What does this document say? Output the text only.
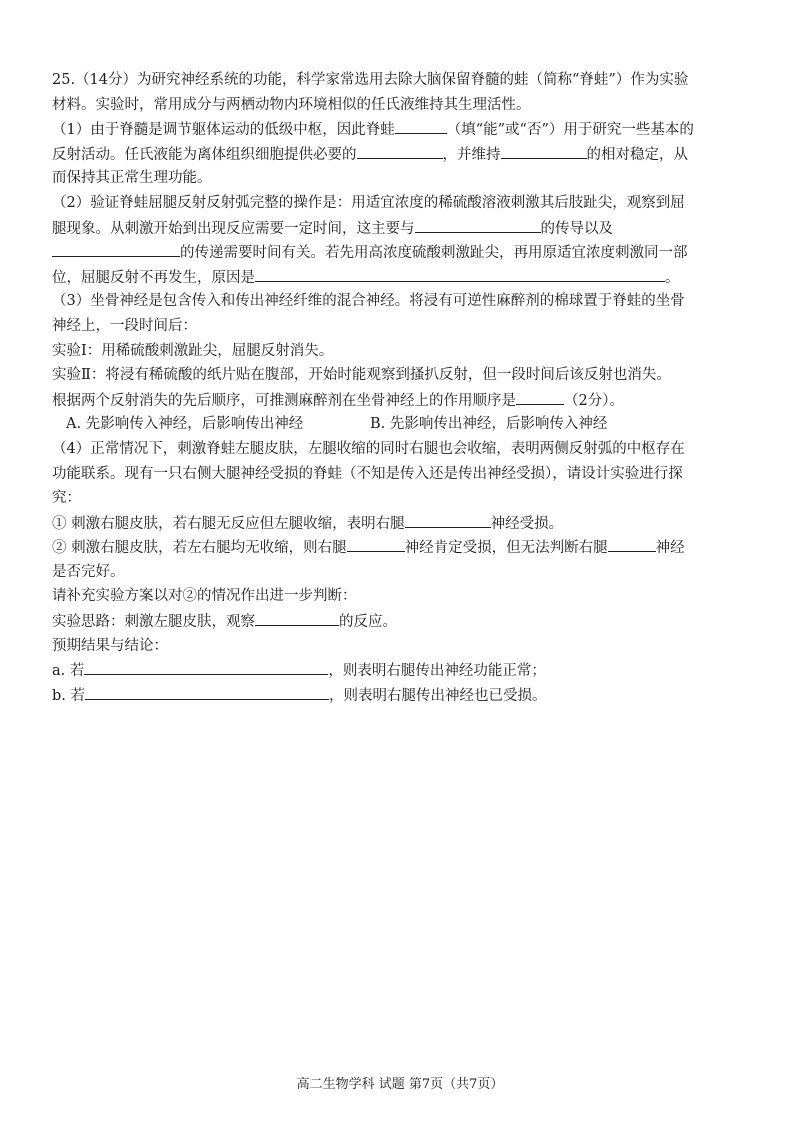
25.（14分）为研究神经系统的功能，科学家常选用去除大脑保留脊髓的蛙（简称“脊蛙”）作为实验
材料。实验时，常用成分与两栖动物内环境相似的任氏液维持其生理活性。
（1）由于脊髓是调节躯体运动的低级中枢，因此脊蛙	（填“能”或“否”）用于研究一些基本的
反射活动。任氏液能为离体组织细胞提供必要的	，并维持	的相对稳定，从
而保持其正常生理功能。
（2）验证脊蛙屈腿反射反射弧完整的操作是：用适宜浓度的稀硫酸溶液刺激其后肢趾尖，观察到屈
腿现象。从刺激开始到出现反应需要一定时间，这主要与	的传导以及
的传递需要时间有关。若先用高浓度硫酸刺激趾尖，再用原适宜浓度刺激同一部
位，屈腿反射不再发生，原因是	。
（3）坐骨神经是包含传入和传出神经纤维的混合神经。将浸有可逆性麻醉剂的棉球置于脊蛙的坐骨
神经上，一段时间后：
实验Ⅰ：用稀硫酸刺激趾尖，屈腿反射消失。
实验Ⅱ：将浸有稀硫酸的纸片贴在腹部，开始时能观察到搔扒反射，但一段时间后该反射也消失。
根据两个反射消失的先后顺序，可推测麻醉剂在坐骨神经上的作用顺序是	（2分）。
A. 先影响传入神经，后影响传出神经	B. 先影响传出神经，后影响传入神经
（4）正常情况下，刺激脊蛙左腿皮肤，左腿收缩的同时右腿也会收缩，表明两侧反射弧的中枢存在
功能联系。现有一只右侧大腿神经受损的脊蛙（不知是传入还是传出神经受损），请设计实验进行探
究：
① 刺激右腿皮肤，若右腿无反应但左腿收缩，表明右腿	神经受损。
② 刺激右腿皮肤，若左右腿均无收缩，则右腿	神经肯定受损，但无法判断右腿	神经
是否完好。
请补充实验方案以对②的情况作出进一步判断：
实验思路：刺激左腿皮肤，观察	的反应。
预期结果与结论：
a. 若	，则表明右腿传出神经功能正常；
b. 若	，则表明右腿传出神经也已受损。
高二生物学科 试题 第7页（共7页）
